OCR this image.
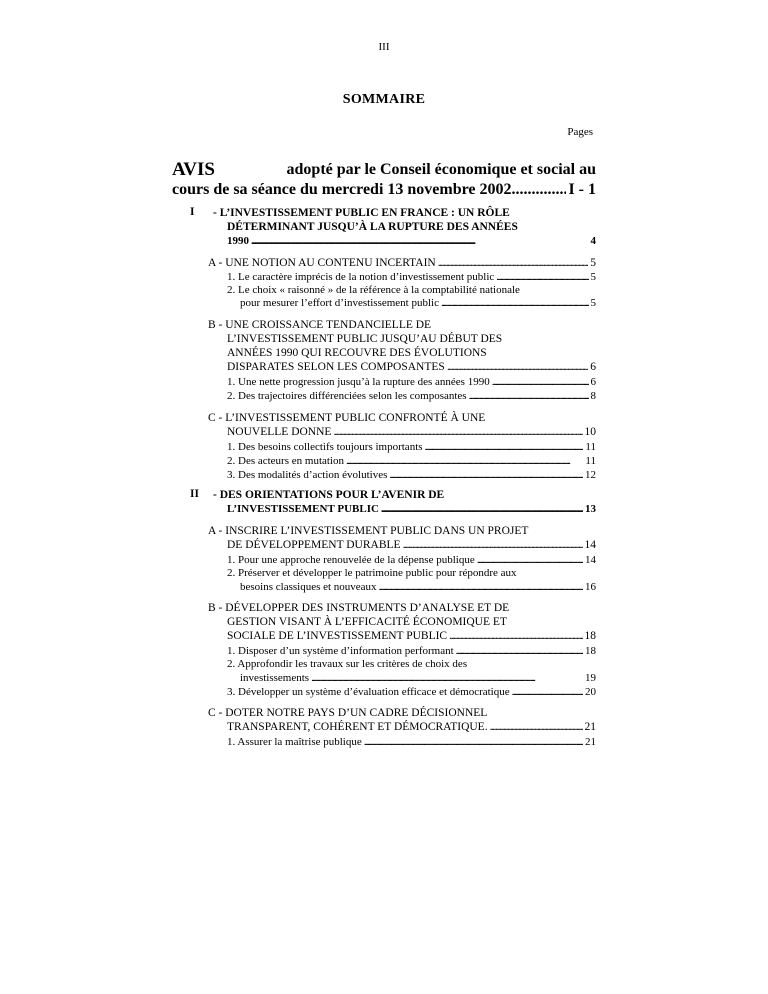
III
SOMMAIRE
Pages
AVIS	adopté par le Conseil économique et social au
cours de sa séance du mercredi 13 novembre 2002 . . .	I - 1
I - L’INVESTISSEMENT PUBLIC EN FRANCE : UN RÔLE
DÉTERMINANT JUSQU’À LA RUPTURE DES ANNÉES
1990 . . .	4
A - UNE NOTION AU CONTENU INCERTAIN . . .	5
1. Le caractère imprécis de la notion d’investissement public . . .	5
2. Le choix « raisonné » de la référence à la comptabilité nationale
pour mesurer l’effort d’investissement public . . .	5
B - UNE CROISSANCE TENDANCIELLE DE
L’INVESTISSEMENT PUBLIC JUSQU’AU DÉBUT DES
ANNÉES 1990 QUI RECOUVRE DES ÉVOLUTIONS
DISPARATES SELON LES COMPOSANTES . . .	6
1. Une nette progression jusqu’à la rupture des années 1990 . . .	6
2. Des trajectoires différenciées selon les composantes . . .	8
C - L’INVESTISSEMENT PUBLIC CONFRONTÉ À UNE
NOUVELLE DONNE . . .	10
1. Des besoins collectifs toujours importants . . .	11
2. Des acteurs en mutation . . .	11
3. Des modalités d’action évolutives . . .	12
II - DES ORIENTATIONS POUR L’AVENIR DE
L’INVESTISSEMENT PUBLIC . . .	13
A - INSCRIRE L’INVESTISSEMENT PUBLIC DANS UN PROJET
DE DÉVELOPPEMENT DURABLE . . .	14
1. Pour une approche renouvelée de la dépense publique . . .	14
2. Préserver et développer le patrimoine public pour répondre aux
besoins classiques et nouveaux . . .	16
B - DÉVELOPPER DES INSTRUMENTS D’ANALYSE ET DE
GESTION VISANT À L’EFFICACITÉ ÉCONOMIQUE ET
SOCIALE DE L’INVESTISSEMENT PUBLIC . . .	18
1. Disposer d’un système d’information performant . . .	18
2. Approfondir les travaux sur les critères de choix des
investissements . . .	19
3. Développer un système d’évaluation efficace et démocratique . . .	20
C - DOTER NOTRE PAYS D’UN CADRE DÉCISIONNEL
TRANSPARENT, COHÉRENT ET DÉMOCRATIQUE. . . .	21
1. Assurer la maîtrise publique . . .	21
